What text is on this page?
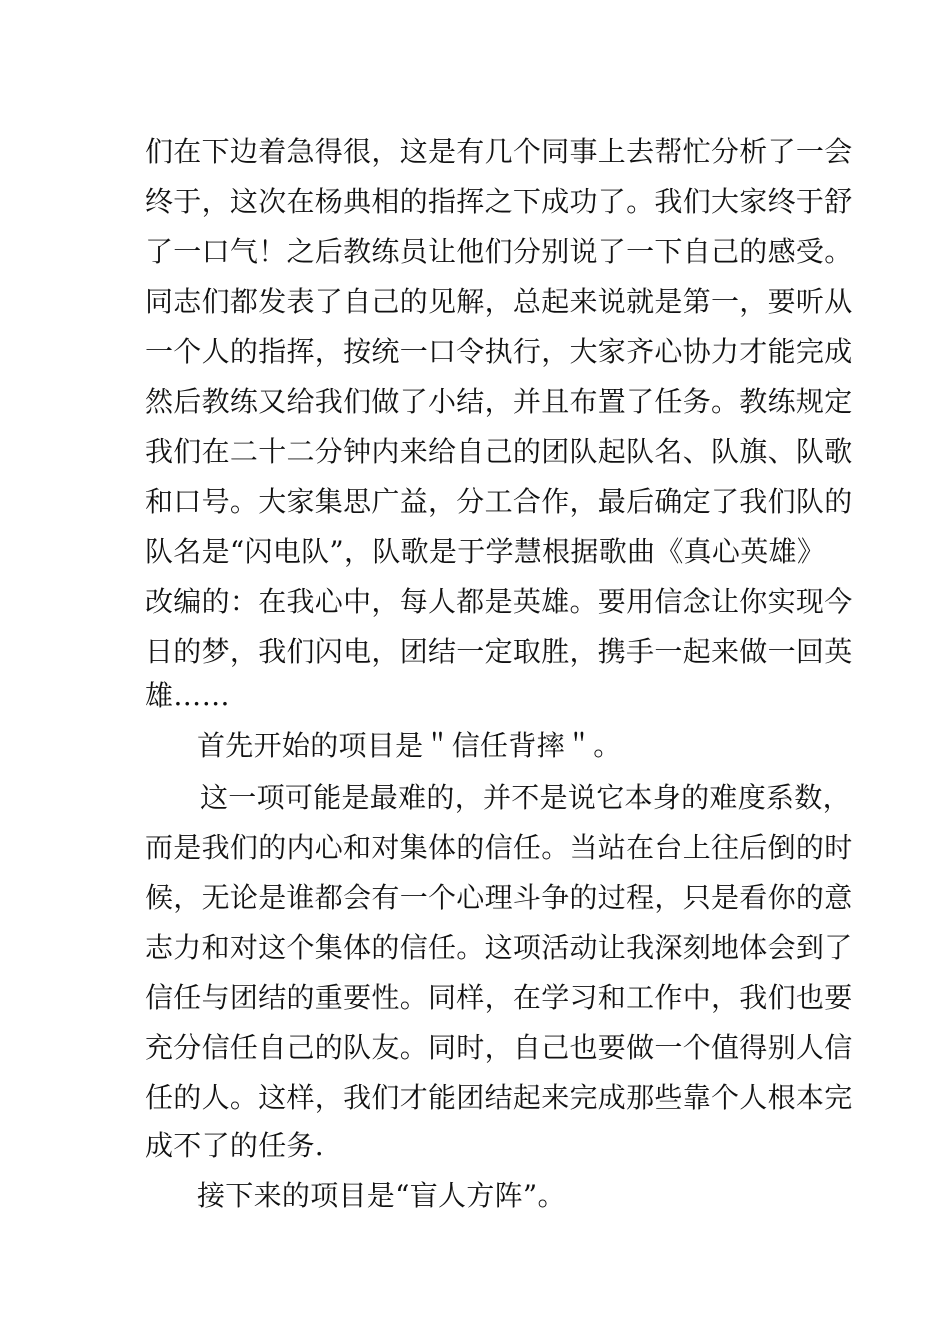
们在下边着急得很，这是有几个同事上去帮忙分析了一会
终于，这次在杨典相的指挥之下成功了。我们大家终于舒
了一口气！之后教练员让他们分别说了一下自己的感受。
同志们都发表了自己的见解，总起来说就是第一，要听从
一个人的指挥，按统一口令执行，大家齐心协力才能完成
然后教练又给我们做了小结，并且布置了任务。教练规定
我们在二十二分钟内来给自己的团队起队名、队旗、队歌
和口号。大家集思广益，分工合作，最后确定了我们队的
队名是“闪电队”，队歌是于学慧根据歌曲《真心英雄》
改编的：在我心中，每人都是英雄。要用信念让你实现今
日的梦，我们闪电，团结一定取胜，携手一起来做一回英
雄……
首先开始的项目是＂信任背摔＂。
这一项可能是最难的，并不是说它本身的难度系数，
而是我们的内心和对集体的信任。当站在台上往后倒的时
候，无论是谁都会有一个心理斗争的过程，只是看你的意
志力和对这个集体的信任。这项活动让我深刻地体会到了
信任与团结的重要性。同样，在学习和工作中，我们也要
充分信任自己的队友。同时，自己也要做一个值得别人信
任的人。这样，我们才能团结起来完成那些靠个人根本完
成不了的任务.
接下来的项目是“盲人方阵”。
